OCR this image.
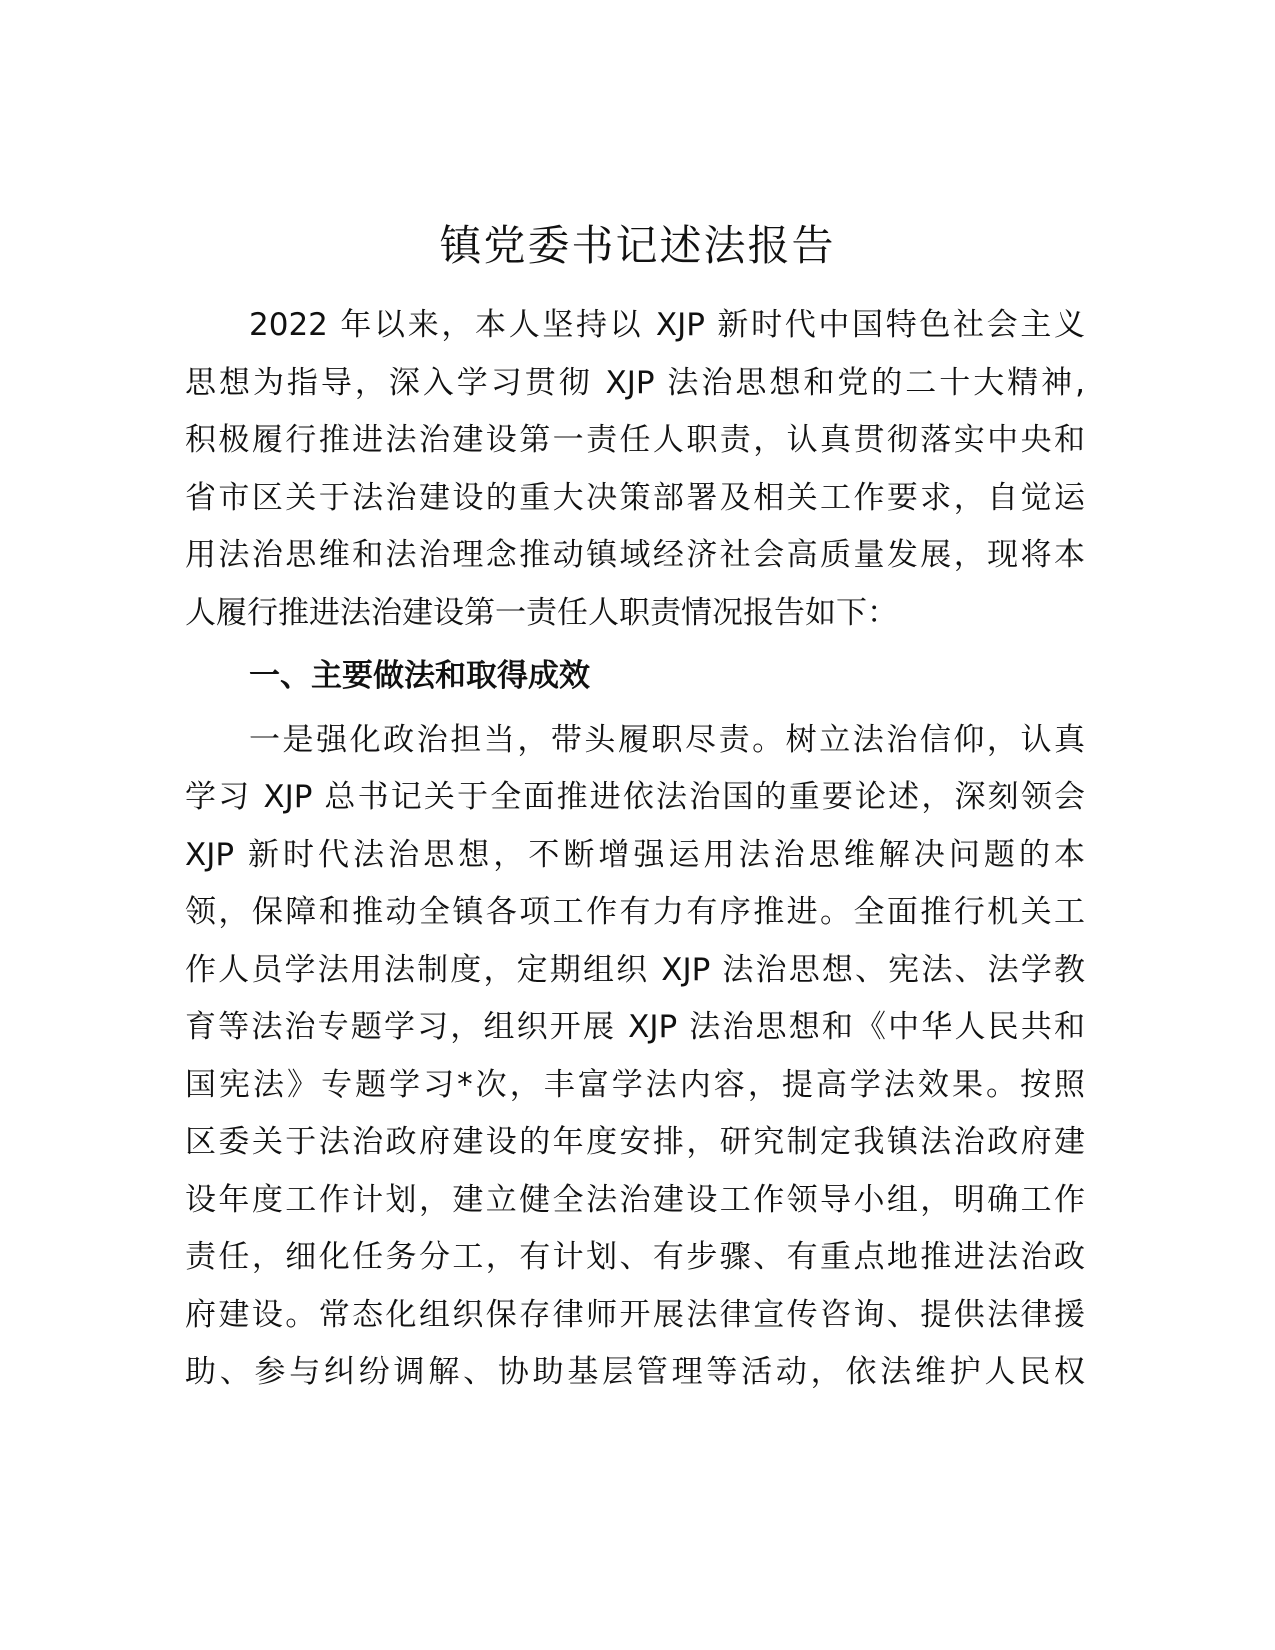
镇党委书记述法报告
2022 年以来，本人坚持以 XJP 新时代中国特色社会主义
思想为指导，深入学习贯彻 XJP 法治思想和党的二十大精神,
积极履行推进法治建设第一责任人职责，认真贯彻落实中央和
省市区关于法治建设的重大决策部署及相关工作要求，自觉运
用法治思维和法治理念推动镇域经济社会高质量发展，现将本
人履行推进法治建设第一责任人职责情况报告如下：
一、主要做法和取得成效
一是强化政治担当，带头履职尽责。树立法治信仰，认真
学习 XJP 总书记关于全面推进依法治国的重要论述，深刻领会
XJP 新时代法治思想，不断增强运用法治思维解决问题的本
领，保障和推动全镇各项工作有力有序推进。全面推行机关工
作人员学法用法制度，定期组织 XJP 法治思想、宪法、法学教
育等法治专题学习，组织开展 XJP 法治思想和《中华人民共和
国宪法》专题学习*次，丰富学法内容，提高学法效果。按照
区委关于法治政府建设的年度安排，研究制定我镇法治政府建
设年度工作计划，建立健全法治建设工作领导小组，明确工作
责任，细化任务分工，有计划、有步骤、有重点地推进法治政
府建设。常态化组织保存律师开展法律宣传咨询、提供法律援
助、参与纠纷调解、协助基层管理等活动，依法维护人民权
